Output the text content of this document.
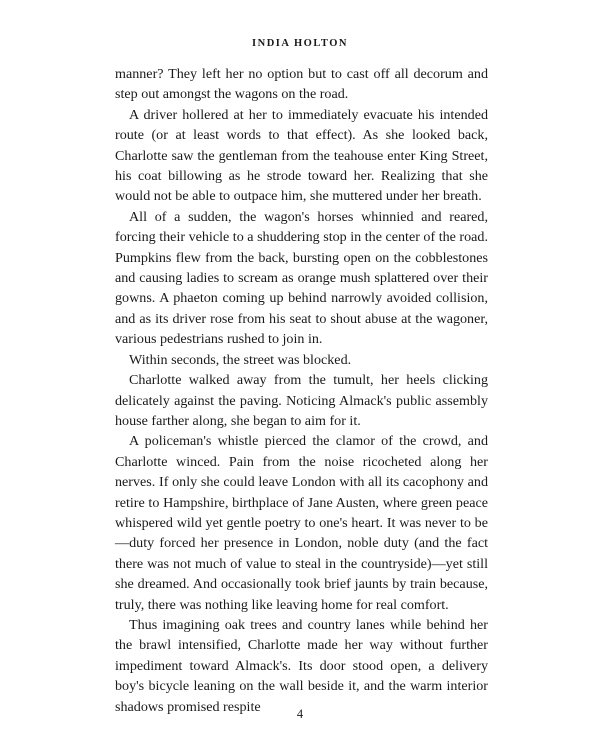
INDIA HOLTON

manner? They left her no option but to cast off all decorum and step out amongst the wagons on the road.

A driver hollered at her to immediately evacuate his intended route (or at least words to that effect). As she looked back, Charlotte saw the gentleman from the teahouse enter King Street, his coat billowing as he strode toward her. Realizing that she would not be able to outpace him, she muttered under her breath.

All of a sudden, the wagon's horses whinnied and reared, forcing their vehicle to a shuddering stop in the center of the road. Pumpkins flew from the back, bursting open on the cobblestones and causing ladies to scream as orange mush splattered over their gowns. A phaeton coming up behind narrowly avoided collision, and as its driver rose from his seat to shout abuse at the wagoner, various pedestrians rushed to join in.

Within seconds, the street was blocked.

Charlotte walked away from the tumult, her heels clicking delicately against the paving. Noticing Almack's public assembly house farther along, she began to aim for it.

A policeman's whistle pierced the clamor of the crowd, and Charlotte winced. Pain from the noise ricocheted along her nerves. If only she could leave London with all its cacophony and retire to Hampshire, birthplace of Jane Austen, where green peace whispered wild yet gentle poetry to one's heart. It was never to be—duty forced her presence in London, noble duty (and the fact there was not much of value to steal in the countryside)—yet still she dreamed. And occasionally took brief jaunts by train because, truly, there was nothing like leaving home for real comfort.

Thus imagining oak trees and country lanes while behind her the brawl intensified, Charlotte made her way without further impediment toward Almack's. Its door stood open, a delivery boy's bicycle leaning on the wall beside it, and the warm interior shadows promised respite	4
